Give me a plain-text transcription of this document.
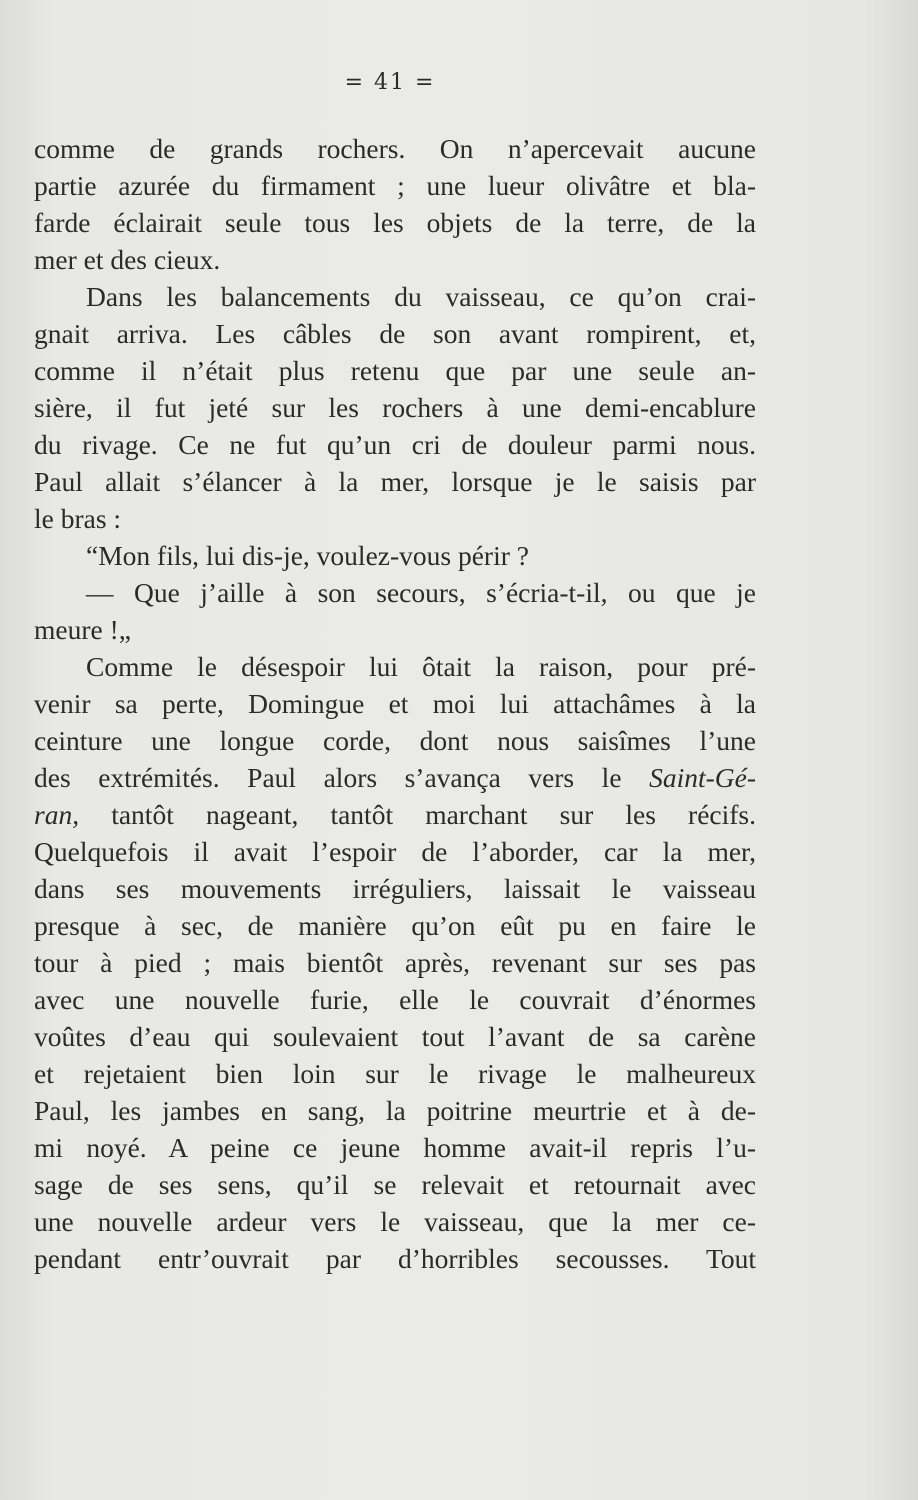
= 41 =
comme de grands rochers. On n’apercevait aucune
partie azurée du firmament ; une lueur olivâtre et bla-
farde éclairait seule tous les objets de la terre, de la
mer et des cieux.
Dans les balancements du vaisseau, ce qu’on crai-
gnait arriva. Les câbles de son avant rompirent, et,
comme il n’était plus retenu que par une seule an-
sière, il fut jeté sur les rochers à une demi-encablure
du rivage. Ce ne fut qu’un cri de douleur parmi nous.
Paul allait s’élancer à la mer, lorsque je le saisis par
le bras :
“Mon fils, lui dis-je, voulez-vous périr ?
— Que j’aille à son secours, s’écria-t-il, ou que je
meure !„
Comme le désespoir lui ôtait la raison, pour pré-
venir sa perte, Domingue et moi lui attachâmes à la
ceinture une longue corde, dont nous saisîmes l’une
des extrémités. Paul alors s’avança vers le Saint-Gé-
ran, tantôt nageant, tantôt marchant sur les récifs.
Quelquefois il avait l’espoir de l’aborder, car la mer,
dans ses mouvements irréguliers, laissait le vaisseau
presque à sec, de manière qu’on eût pu en faire le
tour à pied ; mais bientôt après, revenant sur ses pas
avec une nouvelle furie, elle le couvrait d’énormes
voûtes d’eau qui soulevaient tout l’avant de sa carène
et rejetaient bien loin sur le rivage le malheureux
Paul, les jambes en sang, la poitrine meurtrie et à de-
mi noyé. A peine ce jeune homme avait-il repris l’u-
sage de ses sens, qu’il se relevait et retournait avec
une nouvelle ardeur vers le vaisseau, que la mer ce-
pendant entr’ouvrait par d’horribles secousses. Tout
